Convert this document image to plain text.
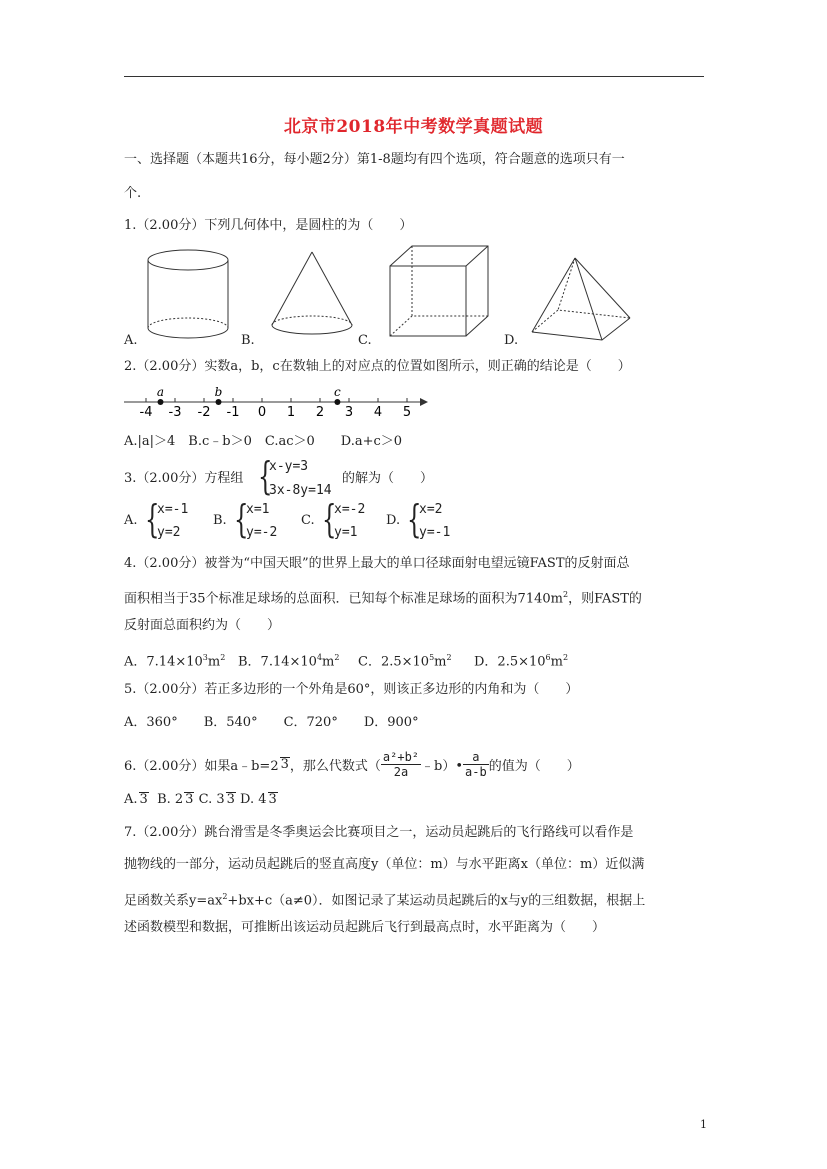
北京市2018年中考数学真题试题
一、选择题（本题共16分，每小题2分）第1-8题均有四个选项，符合题意的选项只有一
个.
1.（2.00分）下列几何体中，是圆柱的为（　　）
A.	B.	C.	D.
2.（2.00分）实数a，b，c在数轴上的对应点的位置如图所示，则正确的结论是（　　）
-4 -3 -2 -1 0 1 2 3 4 5
a	b	c
A.|a|＞4　B.c﹣b＞0　C.ac＞0　　D.a+c＞0
3.（2.00分）方程组 {
x-y=3
3x-8y=14
的解为（　　）
A. {
x=-1
y=2
B. {
x=1
y=-2
C. {
x=-2
y=1
D. {
x=2
y=-1
4.（2.00分）被誉为“中国天眼”的世界上最大的单口径球面射电望远镜FAST的反射面总
面积相当于35个标准足球场的总面积．已知每个标准足球场的面积为$7140m^2$，则FAST的
反射面总面积约为（　　）
A．$7.14\times 10^3m^2$ B．$7.14\times 10^4m^2$ C．$2.5\times 10^5m^2$ D．$2.5\times 10^6m^2$
5.（2.00分）若正多边形的一个外角是60°，则该正多边形的内角和为（　　）
A．360°　　B．540°　　C．720°　　D．900°
6.（2.00分）如果a﹣b=2 3 ，那么代数式（ $\frac{\text{a²+b²}}{2a}$ ﹣b）• $\frac{a}{a-b}$ 的值为（　　）
A. 3 B. 2 3 C. 3 3 D. 4 3
7.（2.00分）跳台滑雪是冬季奥运会比赛项目之一，运动员起跳后的飞行路线可以看作是
抛物线的一部分，运动员起跳后的竖直高度y（单位：m）与水平距离x（单位：m）近似满
足函数关系$y=ax^2+bx+c(a\ne 0)$．如图记录了某运动员起跳后的x与y的三组数据，根据上
述函数模型和数据，可推断出该运动员起跳后飞行到最高点时，水平距离为（　　）
1
